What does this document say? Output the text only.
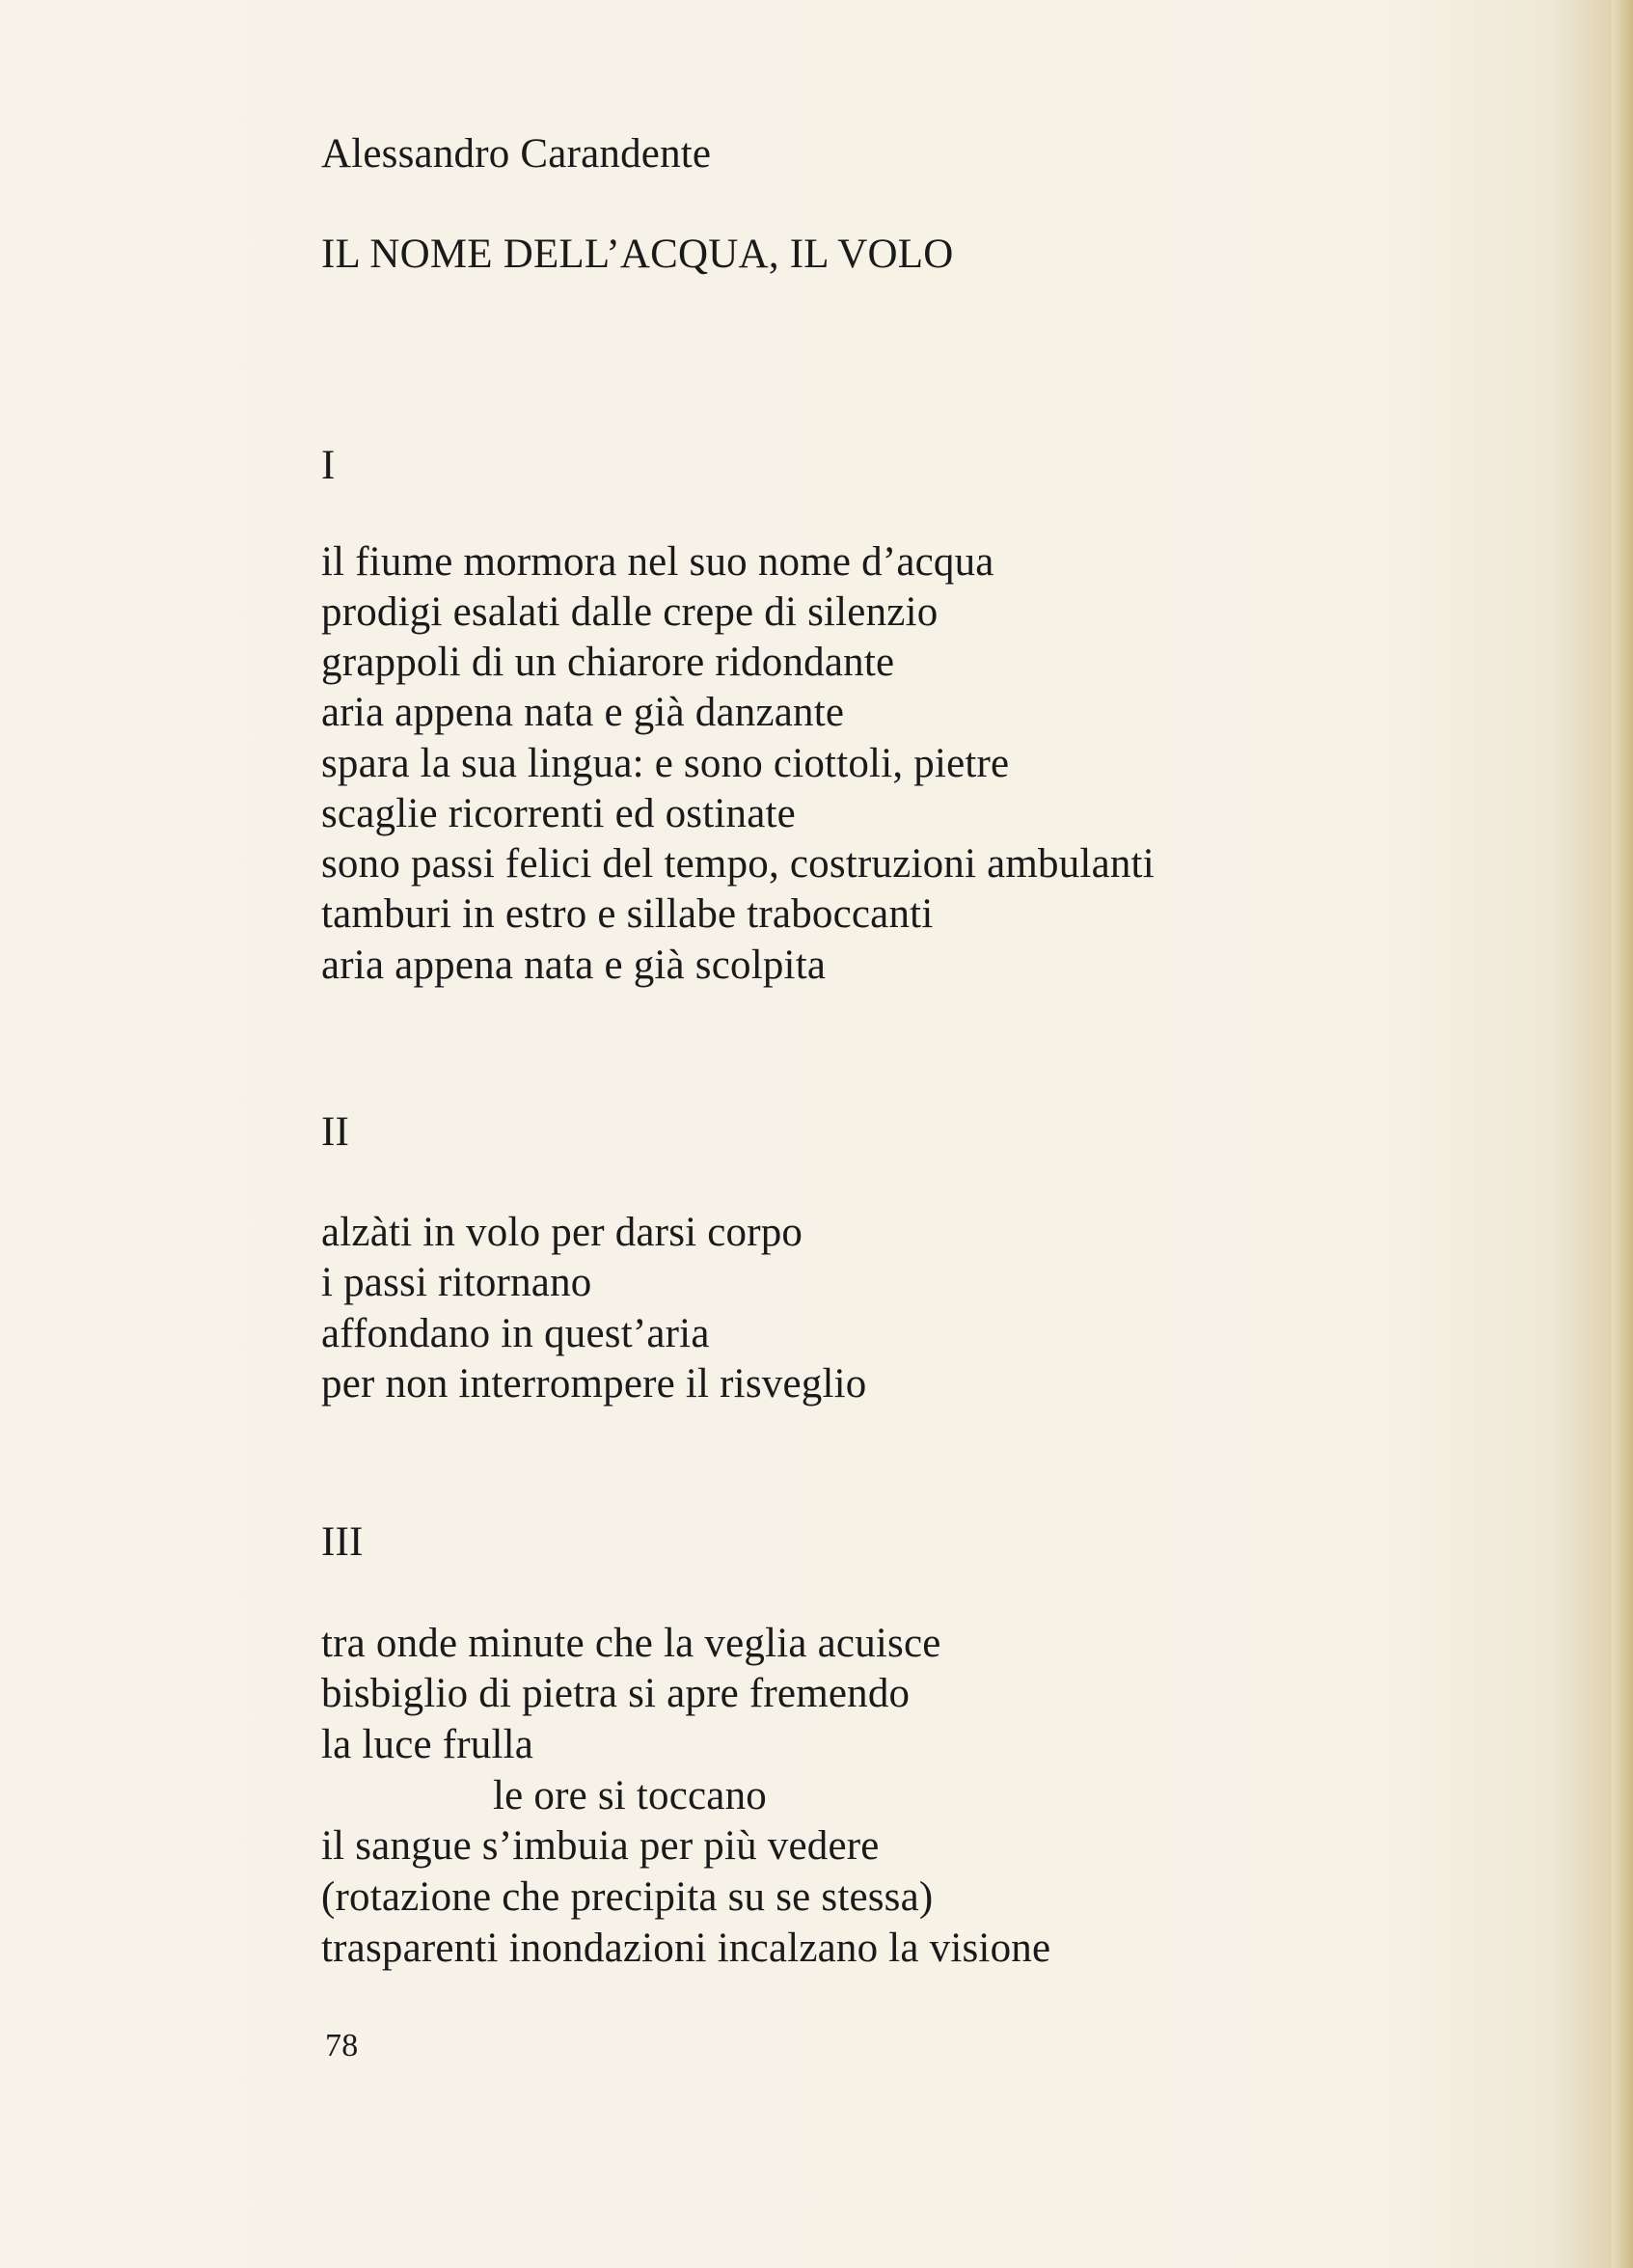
Alessandro Carandente
IL NOME DELL’ACQUA, IL VOLO
I
il fiume mormora nel suo nome d’acqua
prodigi esalati dalle crepe di silenzio
grappoli di un chiarore ridondante
aria appena nata e già danzante
spara la sua lingua: e sono ciottoli, pietre
scaglie ricorrenti ed ostinate
sono passi felici del tempo, costruzioni ambulanti
tamburi in estro e sillabe traboccanti
aria appena nata e già scolpita
II
alzàti in volo per darsi corpo
i passi ritornano
affondano in quest’aria
per non interrompere il risveglio
III
tra onde minute che la veglia acuisce
bisbiglio di pietra si apre fremendo
la luce frulla
le ore si toccano
il sangue s’imbuia per più vedere
(rotazione che precipita su se stessa)
trasparenti inondazioni incalzano la visione
78
